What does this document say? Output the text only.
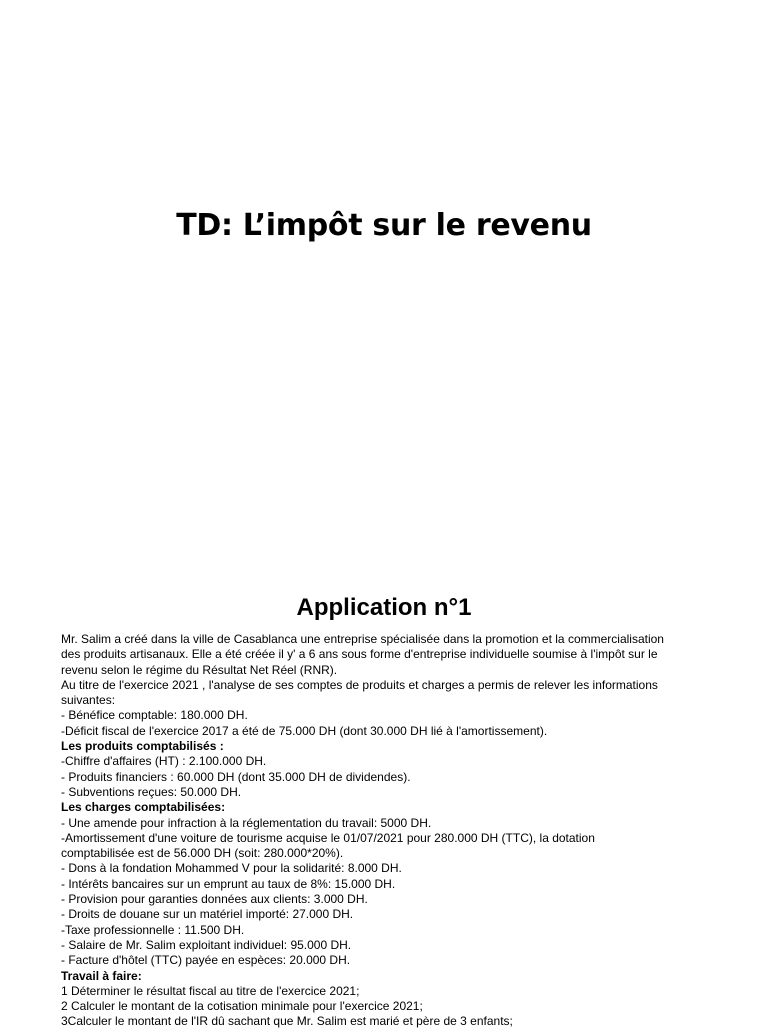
TD: L’impôt sur le revenu
Application n°1
Mr. Salim a créé dans la ville de Casablanca une entreprise spécialisée dans la promotion et la commercialisation
des produits artisanaux. Elle a été créée il y' a 6 ans sous forme d'entreprise individuelle soumise à l'impôt sur le
revenu selon le régime du Résultat Net Réel (RNR).
Au titre de l'exercice 2021 , l'analyse de ses comptes de produits et charges a permis de relever les informations
suivantes:
- Bénéfice comptable: 180.000 DH.
-Déficit fiscal de l'exercice 2017 a été de 75.000 DH (dont 30.000 DH lié à l'amortissement).
Les produits comptabilisés :
-Chiffre d'affaires (HT) : 2.100.000 DH.
- Produits financiers : 60.000 DH (dont 35.000 DH de dividendes).
- Subventions reçues: 50.000 DH.
Les charges comptabilisées:
- Une amende pour infraction à la réglementation du travail: 5000 DH.
-Amortissement d'une voiture de tourisme acquise le 01/07/2021 pour 280.000 DH (TTC), la dotation
comptabilisée est de 56.000 DH (soit: 280.000*20%).
- Dons à la fondation Mohammed V pour la solidarité: 8.000 DH.
- Intérêts bancaires sur un emprunt au taux de 8%: 15.000 DH.
- Provision pour garanties données aux clients: 3.000 DH.
- Droits de douane sur un matériel importé: 27.000 DH.
-Taxe professionnelle : 11.500 DH.
- Salaire de Mr. Salim exploitant individuel: 95.000 DH.
- Facture d'hôtel (TTC) payée en espèces: 20.000 DH.
Travail à faire:
1 Déterminer le résultat fiscal au titre de l'exercice 2021;
2 Calculer le montant de la cotisation minimale pour l'exercice 2021;
3Calculer le montant de l'IR dû sachant que Mr. Salim est marié et père de 3 enfants;
